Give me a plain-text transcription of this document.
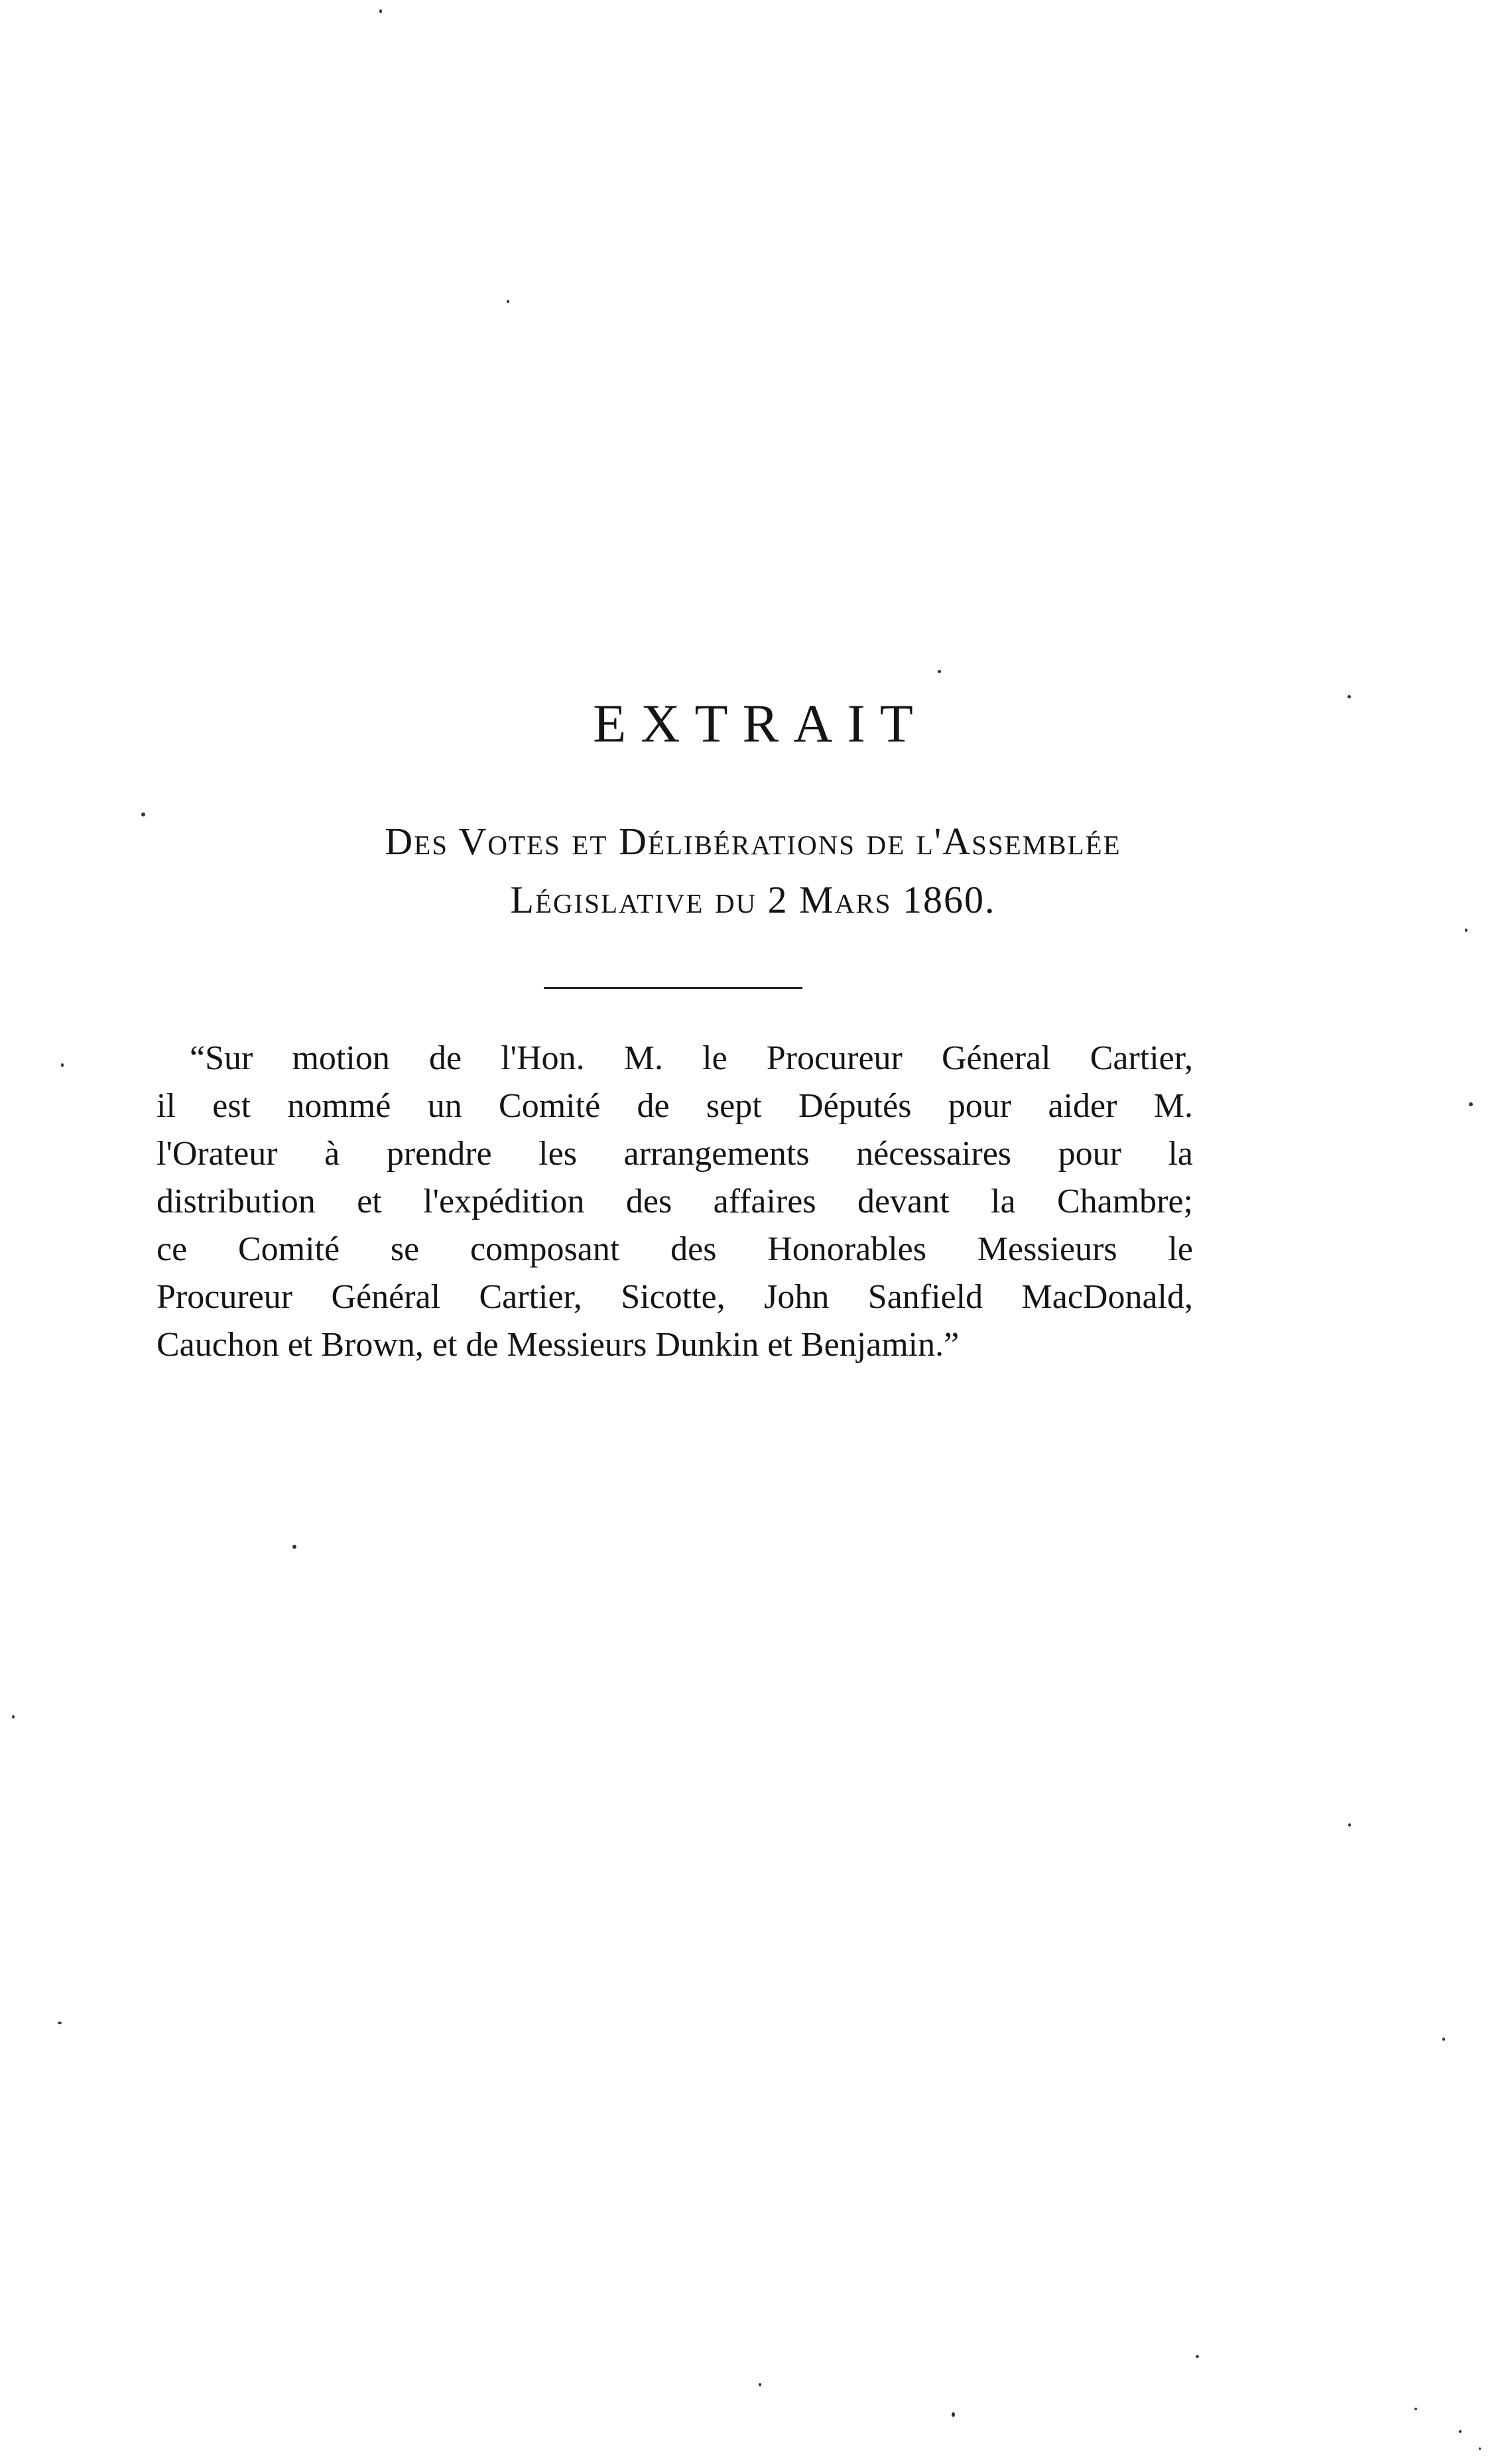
EXTRAIT
Des Votes et Délibérations de l'Assemblée
Législative du 2 Mars 1860.
“Sur motion de l'Hon. M. le Procureur Géneral Cartier,
il est nommé un Comité de sept Députés pour aider M.
l'Orateur à prendre les arrangements nécessaires pour la
distribution et l'expédition des affaires devant la Chambre;
ce Comité se composant des Honorables Messieurs le
Procureur Général Cartier, Sicotte, John Sanfield MacDonald,
Cauchon et Brown, et de Messieurs Dunkin et Benjamin.”
